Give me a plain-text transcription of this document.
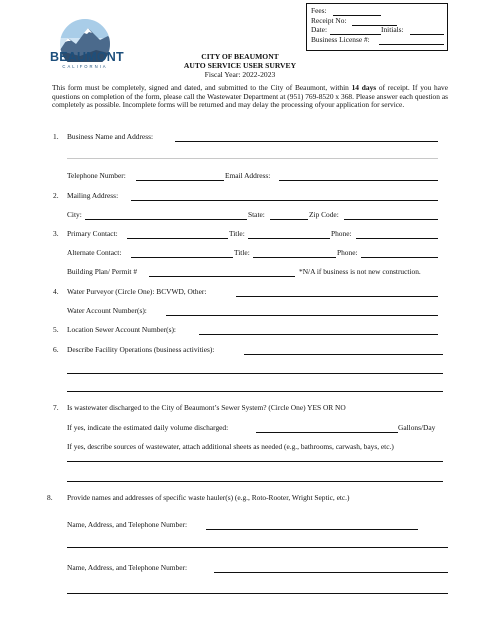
BEAUMONT
CALIFORNIA
Fees:
Receipt No:
Date:	Initials:
Business License #:
CITY OF BEAUMONT
AUTO SERVICE USER SURVEY
Fiscal Year: 2022-2023
This form must be completely, signed and dated, and submitted to the City of Beaumont, within 14 days of receipt. If you have questions on completion of the form, please call the Wastewater Department at (951) 769-8520 x 368. Please answer each question as completely as possible. Incomplete forms will be returned and may delay the processing ofyour application for service.
1. Business Name and Address:
Telephone Number:	Email Address:
2. Mailing Address:
City:	State:	Zip Code:
3. Primary Contact:	Title:	Phone:
Alternate Contact:	Title:	Phone:
Building Plan/ Permit #	*N/A if business is not new construction.
4. Water Purveyor (Circle One): BCVWD, Other:
Water Account Number(s):
5. Location Sewer Account Number(s):
6. Describe Facility Operations (business activities):
7. Is wastewater discharged to the City of Beaumont’s Sewer System? (Circle One) YES OR NO
If yes, indicate the estimated daily volume discharged:	Gallons/Day
If yes, describe sources of wastewater, attach additional sheets as needed (e.g., bathrooms, carwash, bays, etc.)
8. Provide names and addresses of specific waste hauler(s) (e.g., Roto-Rooter, Wright Septic, etc.)
Name, Address, and Telephone Number:
Name, Address, and Telephone Number:
